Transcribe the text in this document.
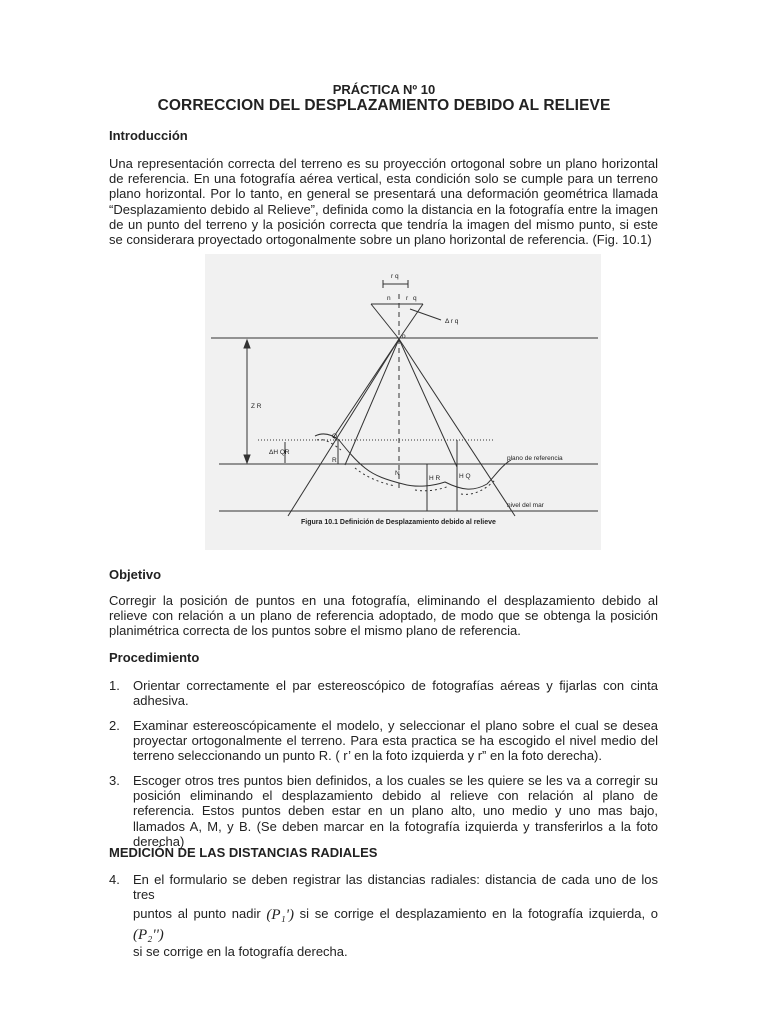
PRÁCTICA Nº 10
CORRECCION DEL DESPLAZAMIENTO DEBIDO AL RELIEVE
Introducción
Una representación correcta del terreno es su proyección ortogonal sobre un plano horizontal de referencia. En una fotografía aérea vertical, esta condición solo se cumple para un terreno plano horizontal. Por lo tanto, en general se presentará una deformación geométrica llamada “Desplazamiento debido al Relieve”, definida como la distancia en la fotografía entre la imagen de un punto del terreno y la posición correcta que tendría la imagen del mismo punto, si este se considerara proyectado ortogonalmente sobre un plano horizontal de referencia. (Fig. 10.1)
r q
n r q
Δ r q
o
Z R
ΔH QR
Q
R
N
H R	H Q
plano de referencia
nivel del mar
Figura 10.1 Definición de Desplazamiento debido al relieve
Objetivo
Corregir la posición de puntos en una fotografía, eliminando el desplazamiento debido al relieve con relación a un plano de referencia adoptado, de modo que se obtenga la posición planimétrica correcta de los puntos sobre el mismo plano de referencia.
Procedimiento
1. Orientar correctamente el par estereoscópico de fotografías aéreas y fijarlas con cinta adhesiva.
2. Examinar estereoscópicamente el modelo, y seleccionar el plano sobre el cual se desea proyectar ortogonalmente el terreno. Para esta practica se ha escogido el nivel medio del terreno seleccionando un punto R. ( r’ en la foto izquierda y r” en la foto derecha).
3. Escoger otros tres puntos bien definidos, a los cuales se les quiere se les va a corregir su posición eliminando el desplazamiento debido al relieve con relación al plano de referencia. Estos puntos deben estar en un plano alto, uno medio y uno mas bajo, llamados A, M, y B. (Se deben marcar en la fotografía izquierda y transferirlos a la foto derecha)
MEDICIÓN DE LAS DISTANCIAS RADIALES
4. En el formulario se deben registrar las distancias radiales: distancia de cada uno de los tres
puntos al punto nadir (P₁') si se corrige el desplazamiento en la fotografía izquierda, o (P₂'')
si se corrige en la fotografía derecha.
